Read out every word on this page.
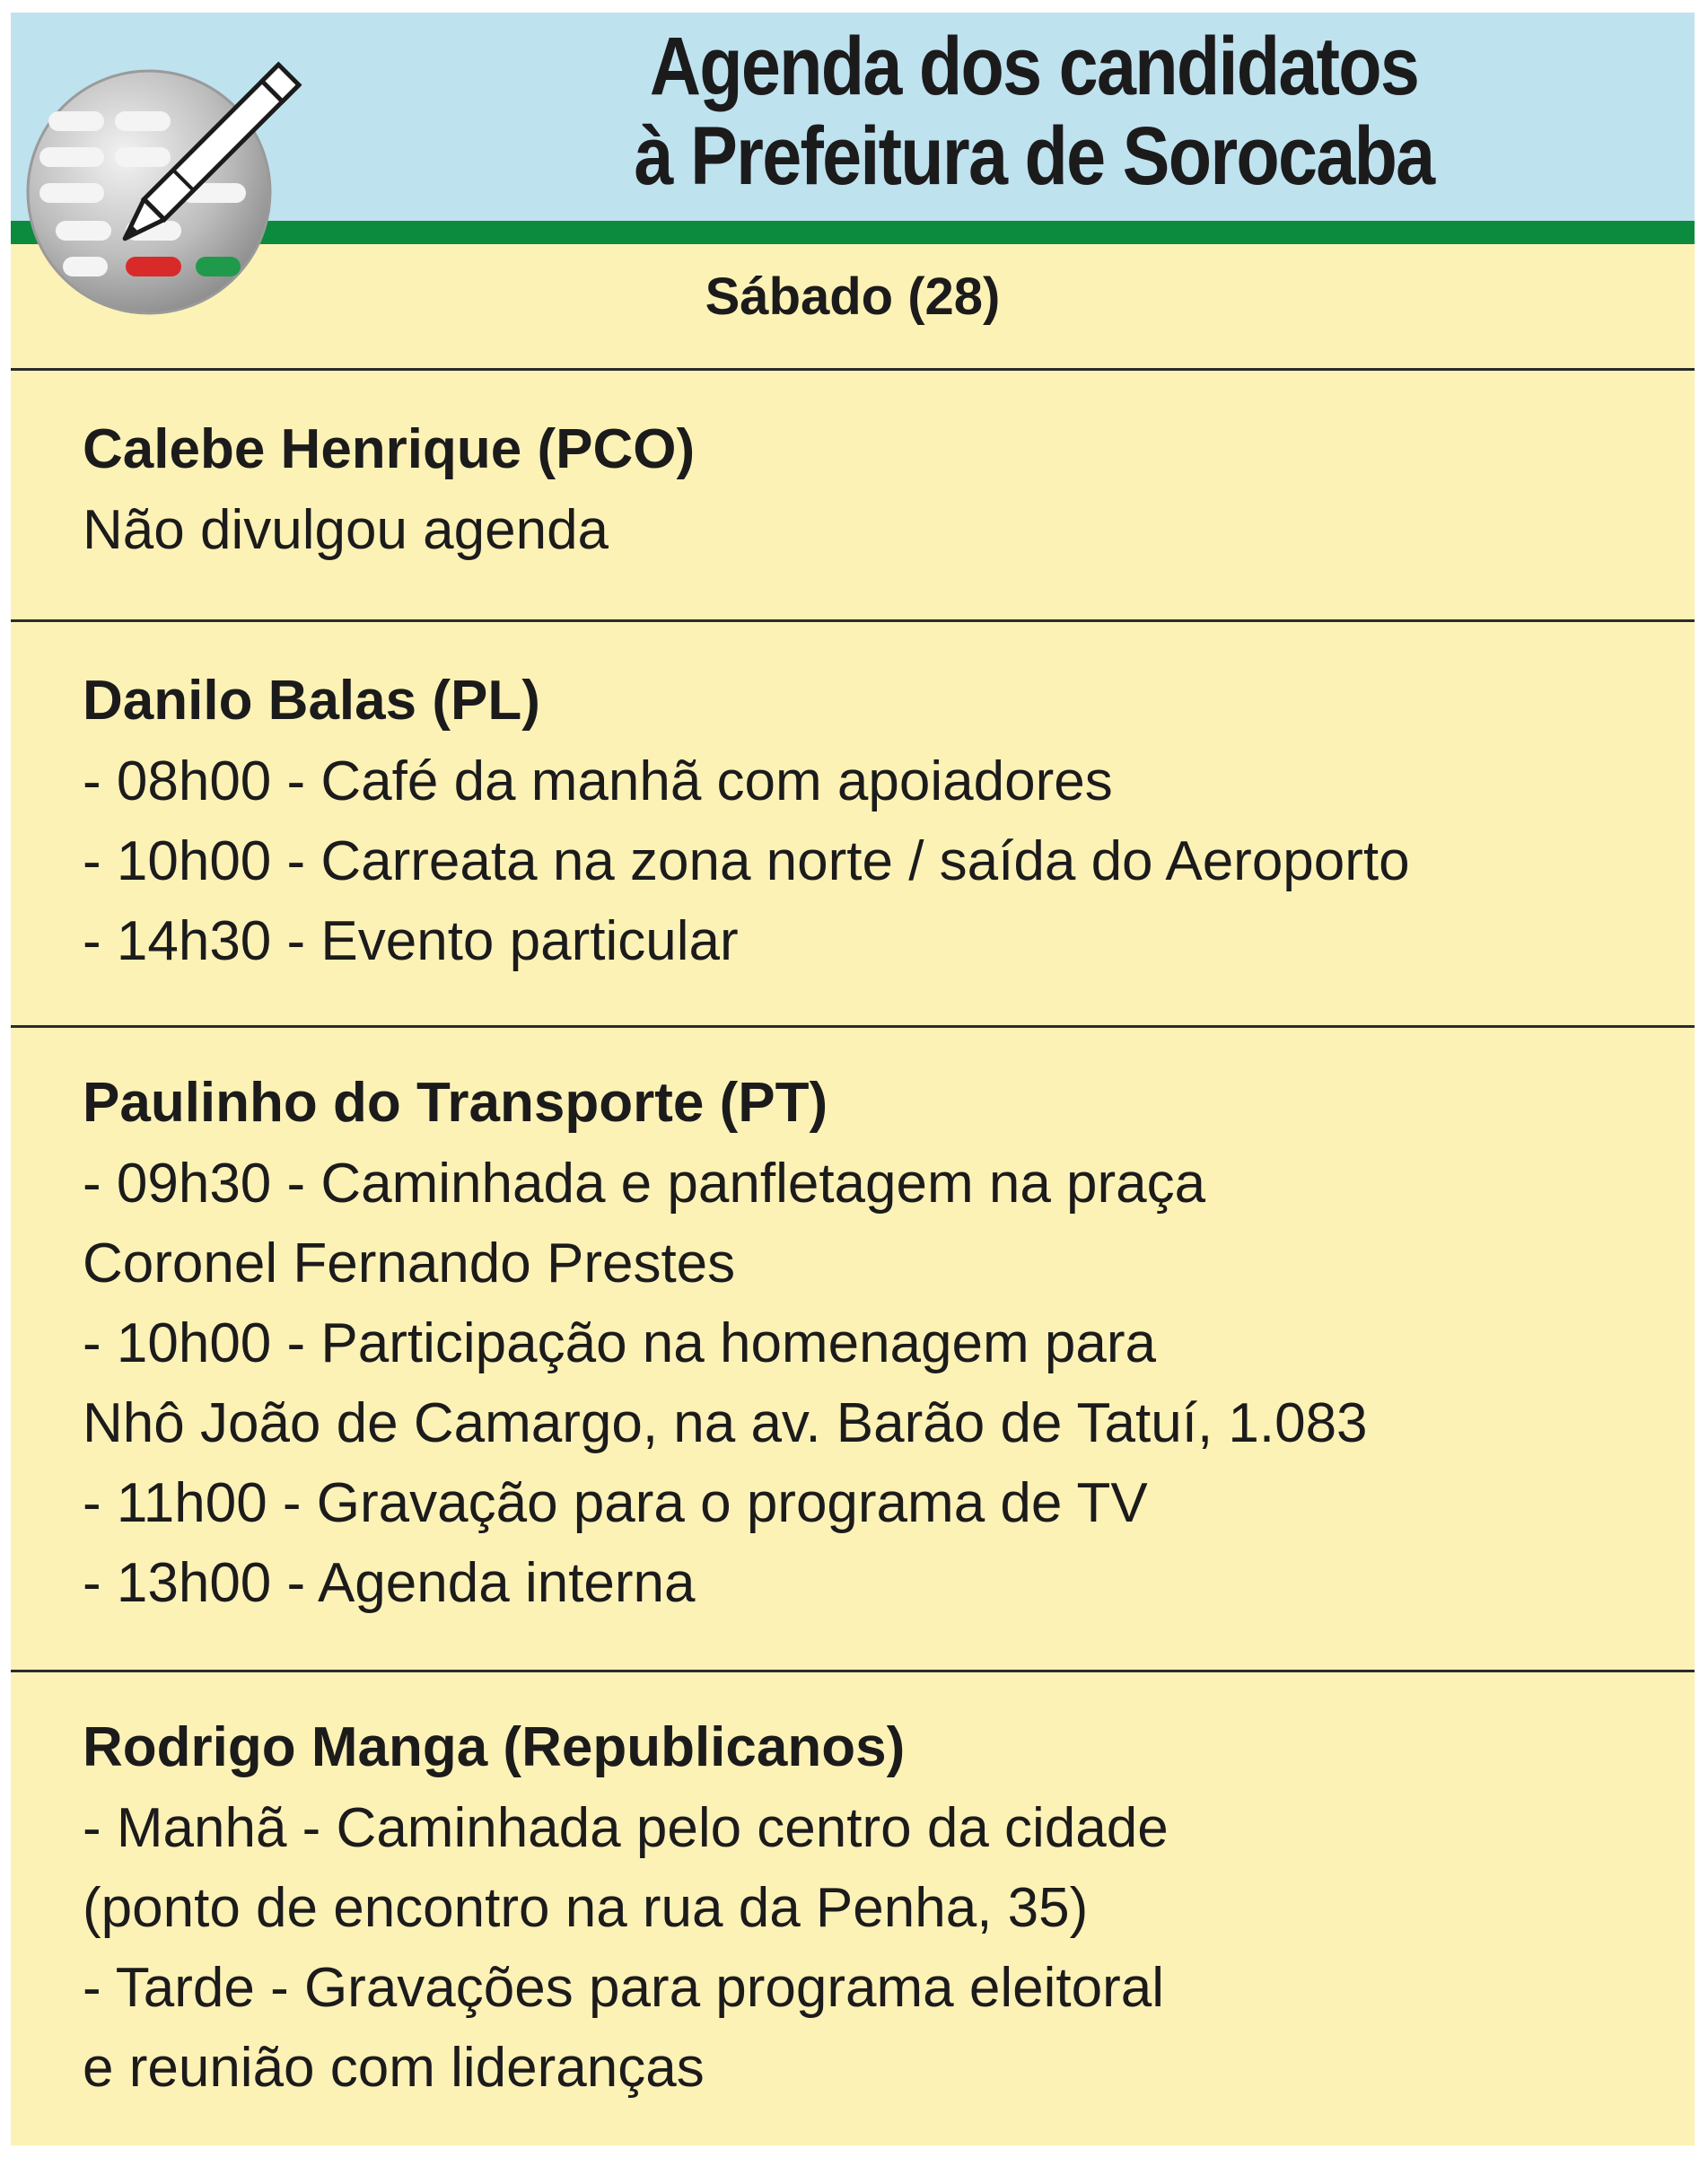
Agenda dos candidatos
à Prefeitura de Sorocaba
Sábado (28)
Calebe Henrique (PCO)
Não divulgou agenda
Danilo Balas (PL)
- 08h00 - Café da manhã com apoiadores
- 10h00 - Carreata na zona norte / saída do Aeroporto
- 14h30 - Evento particular
Paulinho do Transporte (PT)
- 09h30 - Caminhada e panfletagem na praça
Coronel Fernando Prestes
- 10h00 - Participação na homenagem para
Nhô João de Camargo, na av. Barão de Tatuí, 1.083
- 11h00 - Gravação para o programa de TV
- 13h00 - Agenda interna
Rodrigo Manga (Republicanos)
- Manhã - Caminhada pelo centro da cidade
(ponto de encontro na rua da Penha, 35)
- Tarde - Gravações para programa eleitoral
e reunião com lideranças
